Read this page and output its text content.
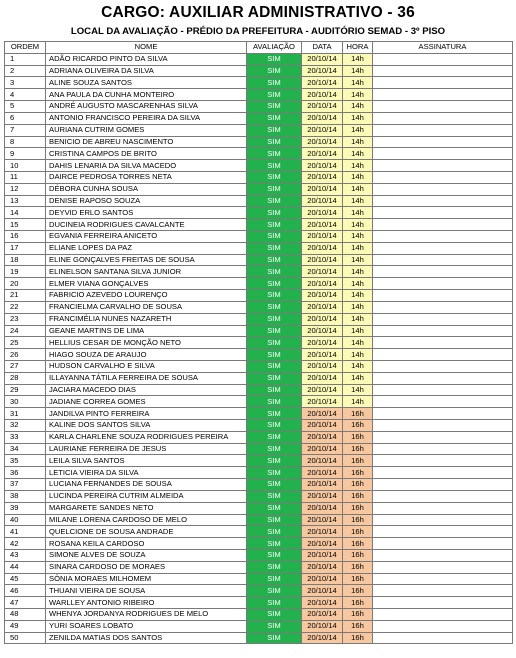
CARGO: AUXILIAR ADMINISTRATIVO - 36
LOCAL DA AVALIAÇÃO - PRÉDIO DA PREFEITURA - AUDITÓRIO SEMAD - 3º PISO
ORDEM	NOME	AVALIAÇÃO	DATA	HORA	ASSINATURA
1	ADÃO RICARDO PINTO DA SILVA	SIM	20/10/14	14h	
2	ADRIANA OLIVEIRA DA SILVA	SIM	20/10/14	14h	
3	ALINE SOUZA SANTOS	SIM	20/10/14	14h	
4	ANA PAULA DA CUNHA MONTEIRO	SIM	20/10/14	14h	
5	ANDRÉ AUGUSTO MASCARENHAS SILVA	SIM	20/10/14	14h	
6	ANTONIO FRANCISCO PEREIRA DA SILVA	SIM	20/10/14	14h	
7	AURIANA CUTRIM GOMES	SIM	20/10/14	14h	
8	BENICIO DE ABREU NASCIMENTO	SIM	20/10/14	14h	
9	CRISTINA CAMPOS DE BRITO	SIM	20/10/14	14h	
10	DAHIS LENARIA DA SILVA MACEDO	SIM	20/10/14	14h	
11	DAIRCE PEDROSA TORRES NETA	SIM	20/10/14	14h	
12	DÉBORA CUNHA SOUSA	SIM	20/10/14	14h	
13	DENISE RAPOSO SOUZA	SIM	20/10/14	14h	
14	DEYVID ERLO SANTOS	SIM	20/10/14	14h	
15	DUCINEIA RODRIGUES CAVALCANTE	SIM	20/10/14	14h	
16	EGVANIA FERREIRA ANICETO	SIM	20/10/14	14h	
17	ELIANE LOPES DA PAZ	SIM	20/10/14	14h	
18	ELINE GONÇALVES FREITAS DE SOUSA	SIM	20/10/14	14h	
19	ELINELSON SANTANA SILVA JUNIOR	SIM	20/10/14	14h	
20	ELMER VIANA GONÇALVES	SIM	20/10/14	14h	
21	FABRICIO AZEVEDO LOURENÇO	SIM	20/10/14	14h	
22	FRANCIELMA CARVALHO DE SOUSA	SIM	20/10/14	14h	
23	FRANCIMÉLIA NUNES NAZARETH	SIM	20/10/14	14h	
24	GEANE MARTINS DE LIMA	SIM	20/10/14	14h	
25	HELLIUS CESAR DE MONÇÃO NETO	SIM	20/10/14	14h	
26	HIAGO SOUZA DE ARAUJO	SIM	20/10/14	14h	
27	HUDSON CARVALHO E SILVA	SIM	20/10/14	14h	
28	ILLAYANNA TÁTILA FERREIRA DE SOUSA	SIM	20/10/14	14h	
29	JACIARA MACEDO DIAS	SIM	20/10/14	14h	
30	JADIANE CORREA GOMES	SIM	20/10/14	14h	
31	JANDILVA PINTO FERREIRA	SIM	20/10/14	16h	
32	KALINE DOS SANTOS SILVA	SIM	20/10/14	16h	
33	KARLA CHARLENE SOUZA RODRIGUES PEREIRA	SIM	20/10/14	16h	
34	LAURIANE FERREIRA DE JESUS	SIM	20/10/14	16h	
35	LEILA SILVA SANTOS	SIM	20/10/14	16h	
36	LETICIA VIEIRA DA SILVA	SIM	20/10/14	16h	
37	LUCIANA FERNANDES DE SOUSA	SIM	20/10/14	16h	
38	LUCINDA PEREIRA CUTRIM ALMEIDA	SIM	20/10/14	16h	
39	MARGARETE SANDES NETO	SIM	20/10/14	16h	
40	MILANE LORENA CARDOSO DE MELO	SIM	20/10/14	16h	
41	QUELCIONE DE SOUSA ANDRADE	SIM	20/10/14	16h	
42	ROSANA KEILA CARDOSO	SIM	20/10/14	16h	
43	SIMONE ALVES DE SOUZA	SIM	20/10/14	16h	
44	SINARA CARDOSO DE MORAES	SIM	20/10/14	16h	
45	SÔNIA MORAES MILHOMEM	SIM	20/10/14	16h	
46	THUANI VIEIRA DE SOUSA	SIM	20/10/14	16h	
47	WARLLEY ANTONIO RIBEIRO	SIM	20/10/14	16h	
48	WHENYA JORDANYA RODRIGUES DE MELO	SIM	20/10/14	16h	
49	YURI SOARES LOBATO	SIM	20/10/14	16h	
50	ZENILDA MATIAS DOS SANTOS	SIM	20/10/14	16h	
